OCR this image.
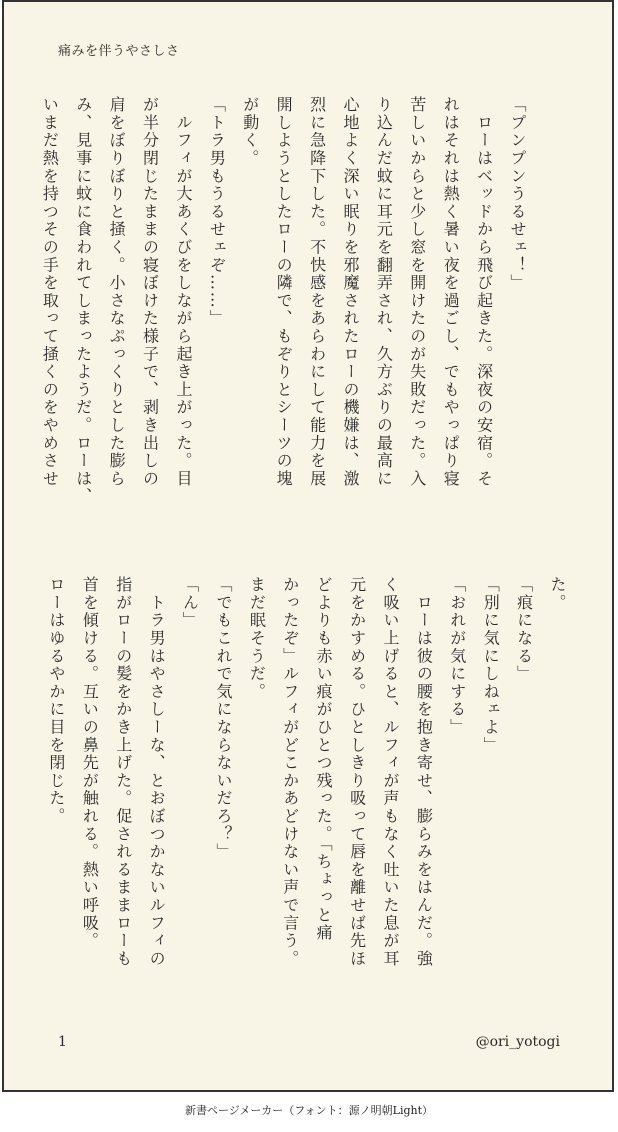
痛みを伴うやさしさ

「プンプンうるせェ！」

　ローはベッドから飛び起きた。深夜の安宿。そ

れはそれは熱く暑い夜を過ごし、でもやっぱり寝

苦しいからと少し窓を開けたのが失敗だった。入

り込んだ蚊に耳元を翻弄され、久方ぶりの最高に

心地よく深い眠りを邪魔されたローの機嫌は、激

烈に急降下した。不快感をあらわにして能力を展

開しようとしたローの隣で、もぞりとシーツの塊

が動く。

「トラ男もうるせェぞ……」

　ルフィが大あくびをしながら起き上がった。目

が半分閉じたままの寝ぼけた様子で、剥き出しの

肩をぼりぼりと掻く。小さなぷっくりとした膨ら

み、見事に蚊に食われてしまったようだ。ローは、

いまだ熱を持つその手を取って掻くのをやめさせ

た。

「痕になる」

「別に気にしねェよ」

「おれが気にする」

　ローは彼の腰を抱き寄せ、膨らみをはんだ。強

く吸い上げると、ルフィが声もなく吐いた息が耳

元をかすめる。ひとしきり吸って唇を離せば先ほ

どよりも赤い痕がひとつ残った。「ちょっと痛

かったぞ」ルフィがどこかあどけない声で言う。

まだ眠そうだ。

「でもこれで気にならないだろ？」

「ん」

　トラ男はやさしーな、とおぼつかないルフィの

指がローの髪をかき上げた。促されるままローも

首を傾ける。互いの鼻先が触れる。熱い呼吸。

ローはゆるやかに目を閉じた。

1	@ori_yotogi
新書ページメーカー（フォント：源ノ明朝Light）
